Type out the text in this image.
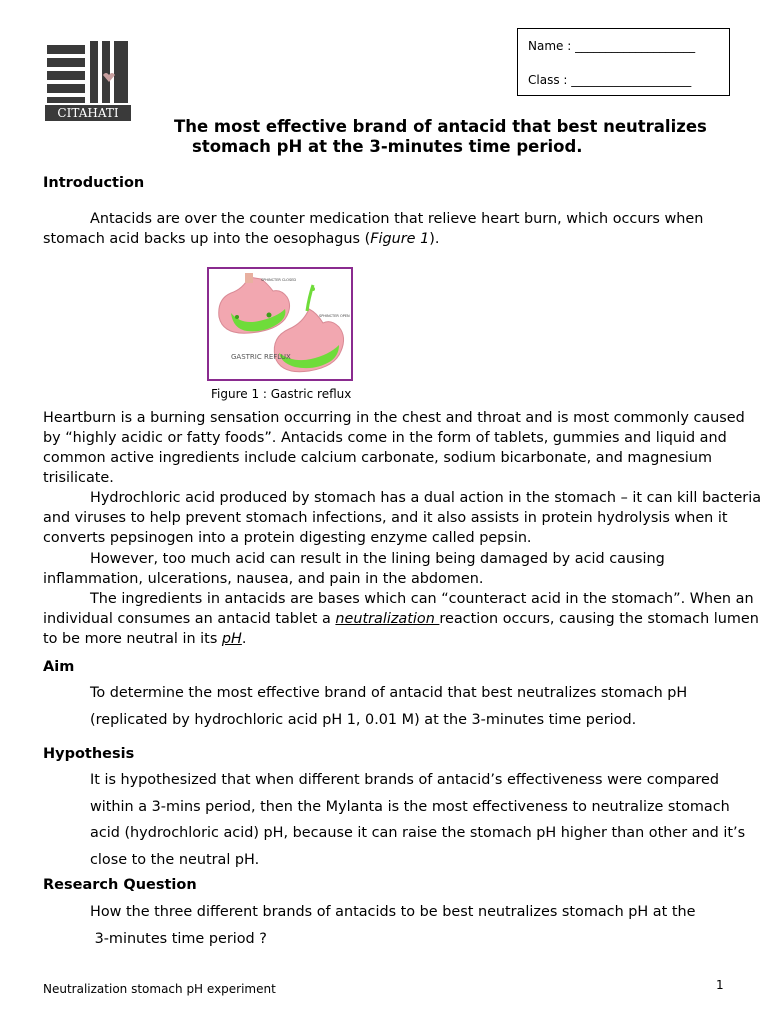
CITAHATI
Name : ____________________
Class : ____________________
The most effective brand of antacid that best neutralizes
stomach pH at the 3-minutes time period.
Introduction
Antacids are over the counter medication that relieve heart burn, which occurs when
stomach acid backs up into the oesophagus (Figure 1).
SPHINCTER CLOSED
SPHINCTER OPEN
GASTRIC REFLUX
Figure 1 : Gastric reflux
Heartburn is a burning sensation occurring in the chest and throat and is most commonly caused
by “highly acidic or fatty foods”. Antacids come in the form of tablets, gummies and liquid and
common active ingredients include calcium carbonate, sodium bicarbonate, and magnesium
trisilicate.
Hydrochloric acid produced by stomach has a dual action in the stomach – it can kill bacteria
and viruses to help prevent stomach infections, and it also assists in protein hydrolysis when it
converts pepsinogen into a protein digesting enzyme called pepsin.
However, too much acid can result in the lining being damaged by acid causing
inflammation, ulcerations, nausea, and pain in the abdomen.
The ingredients in antacids are bases which can “counteract acid in the stomach”. When an
individual consumes an antacid tablet a neutralization reaction occurs, causing the stomach lumen
to be more neutral in its pH.
Aim
To determine the most effective brand of antacid that best neutralizes stomach pH
(replicated by hydrochloric acid pH 1, 0.01 M) at the 3-minutes time period.
Hypothesis
It is hypothesized that when different brands of antacid’s effectiveness were compared
within a 3-mins period, then the Mylanta is the most effectiveness to neutralize stomach
acid (hydrochloric acid) pH, because it can raise the stomach pH higher than other and it’s
close to the neutral pH.
Research Question
How the three different brands of antacids to be best neutralizes stomach pH at the
3-minutes time period ?
Neutralization stomach pH experiment	1
